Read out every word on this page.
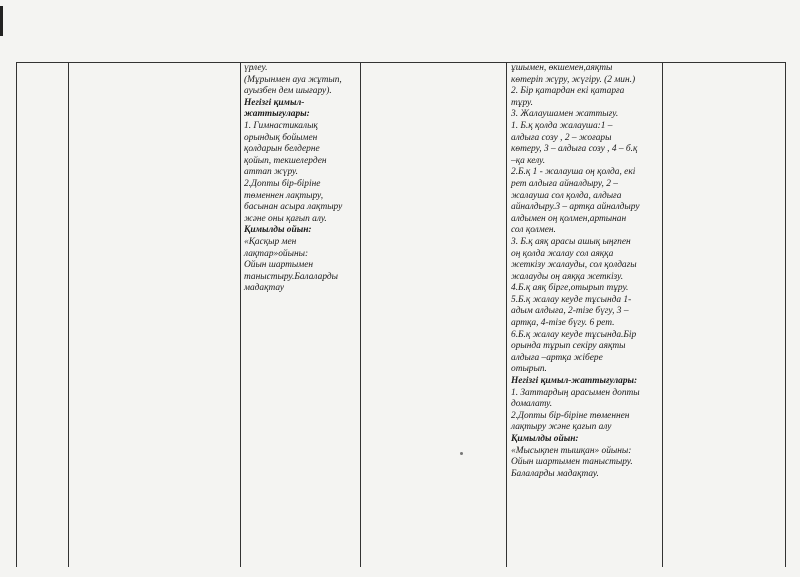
үрлеу.
(Мұрынмен ауа жұтып,
ауызбен дем шығару).
Негізгі қимыл-
жаттығулары:
1. Гимнастикалық
орындық бойымен
қолдарын белдерне
қойып, текшелерден
аттап жүру.
2.Допты бір-біріне
төменнен лақтыру,
басынан асыра лақтыру
және оны қағып алу.
Қимылды ойын:
«Қасқыр мен
лақтар»ойыны:
Ойын шартымен
таныстыру.Балаларды
мадақтау
ұшымен, өкшемен,аяқты
көтеріп жүру, жүгіру. (2 мин.)
2. Бір қатардан екі қатарға
тұру.
3. Жалаушамен жаттығу.
1. Б.қ қолда жалауша:1 –
алдыға созу , 2 – жоғары
көтеру, 3 – алдыға созу , 4 – б.қ
–қа келу.
2.Б.қ 1 - жалауша оң қолда, екі
рет алдыға айналдыру, 2 –
жалауша сол қолда, алдыға
айналдыру.3 – артқа айналдыру
алдымен оң қолмен,артынан
сол қолмен.
3. Б.қ аяқ арасы ашық ыңғпен
оң қолда жалау сол аяққа
жеткізу жалауды, сол қолдағы
жалауды оң аяққа жеткізу.
4.Б.қ аяқ бірге,отырып тұру.
5.Б.қ жалау кеуде тұсында 1-
адым алдыға, 2-тізе бүгу, 3 –
артқа, 4-тізе бүгу. 6 рет.
6.Б.қ жалау кеуде тұсында.Бір
орында тұрып секіру аяқты
алдыға –артқа жібере
отырып.
Негізгі қимыл-жаттығулары:
1. Заттардың арасымен допты
домалату.
2.Допты бір-біріне төменнен
лақтыру және қағып алу
Қимылды ойын:
«Мысықпен тышқан» ойыны:
Ойын шартымен таныстыру.
Балаларды мадақтау.
